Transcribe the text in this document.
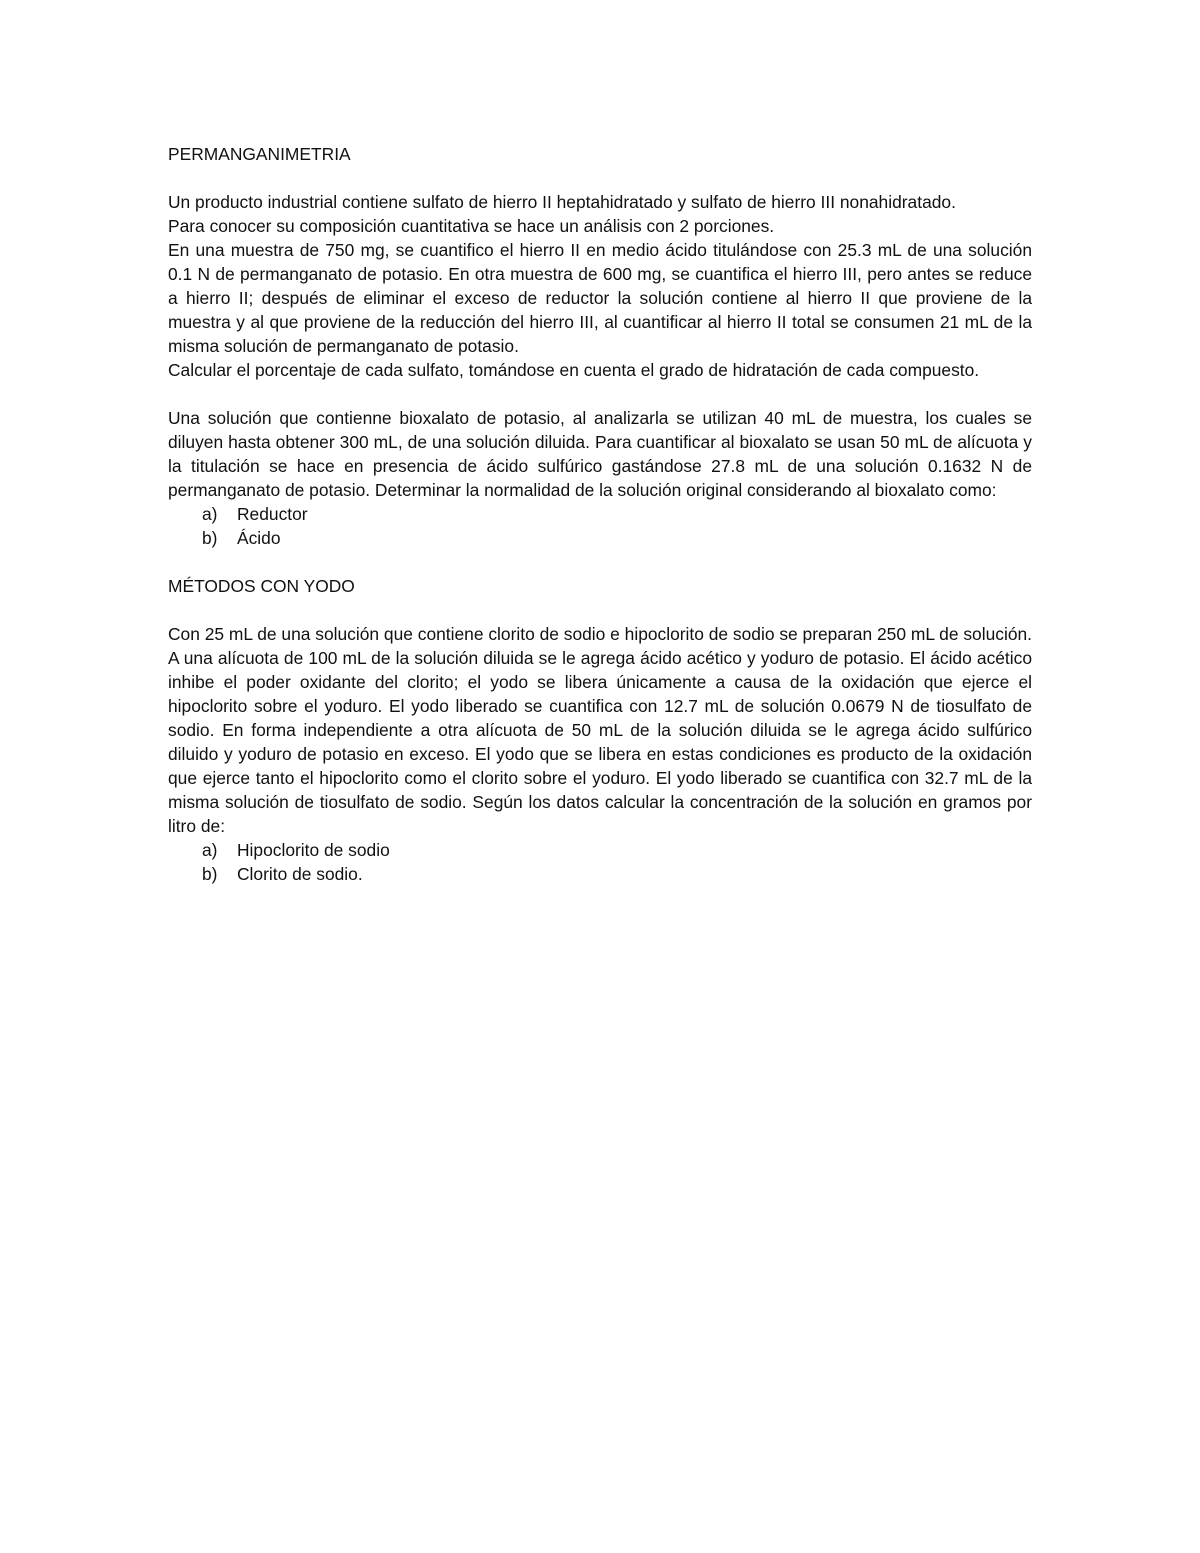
PERMANGANIMETRIA

Un producto industrial contiene sulfato de hierro II heptahidratado y sulfato de hierro III nonahidratado.
Para conocer su composición cuantitativa se hace un análisis con 2 porciones.
En una muestra de 750 mg, se cuantifico el hierro II en medio ácido titulándose con 25.3 mL de una solución 0.1 N de permanganato de potasio. En otra muestra de 600 mg, se cuantifica el hierro III, pero antes se reduce a hierro II; después de eliminar el exceso de reductor la solución contiene al hierro II que proviene de la muestra y al que proviene de la reducción del hierro III, al cuantificar al hierro II total se consumen 21 mL de la misma solución de permanganato de potasio.
Calcular el porcentaje de cada sulfato, tomándose en cuenta el grado de hidratación de cada compuesto.

Una solución que contienne bioxalato de potasio, al analizarla se utilizan 40 mL de muestra, los cuales se diluyen hasta obtener 300 mL, de una solución diluida. Para cuantificar al bioxalato se usan 50 mL de alícuota y la titulación se hace en presencia de ácido sulfúrico gastándose 27.8 mL de una solución 0.1632 N de permanganato de potasio. Determinar la normalidad de la solución original considerando al bioxalato como:

a)	Reductor
b)	Ácido

MÉTODOS CON YODO

Con 25 mL de una solución que contiene clorito de sodio e hipoclorito de sodio se preparan 250 mL de solución. A una alícuota de 100 mL de la solución diluida se le agrega ácido acético y yoduro de potasio. El ácido acético inhibe el poder oxidante del clorito; el yodo se libera únicamente a causa de la oxidación que ejerce el hipoclorito sobre el yoduro. El yodo liberado se cuantifica con 12.7 mL de solución 0.0679 N de tiosulfato de sodio. En forma independiente a otra alícuota de 50 mL de la solución diluida se le agrega ácido sulfúrico diluido y yoduro de potasio en exceso. El yodo que se libera en estas condiciones es producto de la oxidación que ejerce tanto el hipoclorito como el clorito sobre el yoduro. El yodo liberado se cuantifica con 32.7 mL de la misma solución de tiosulfato de sodio. Según los datos calcular la concentración de la solución en gramos por litro de:

a)	Hipoclorito de sodio
b)	Clorito de sodio.
